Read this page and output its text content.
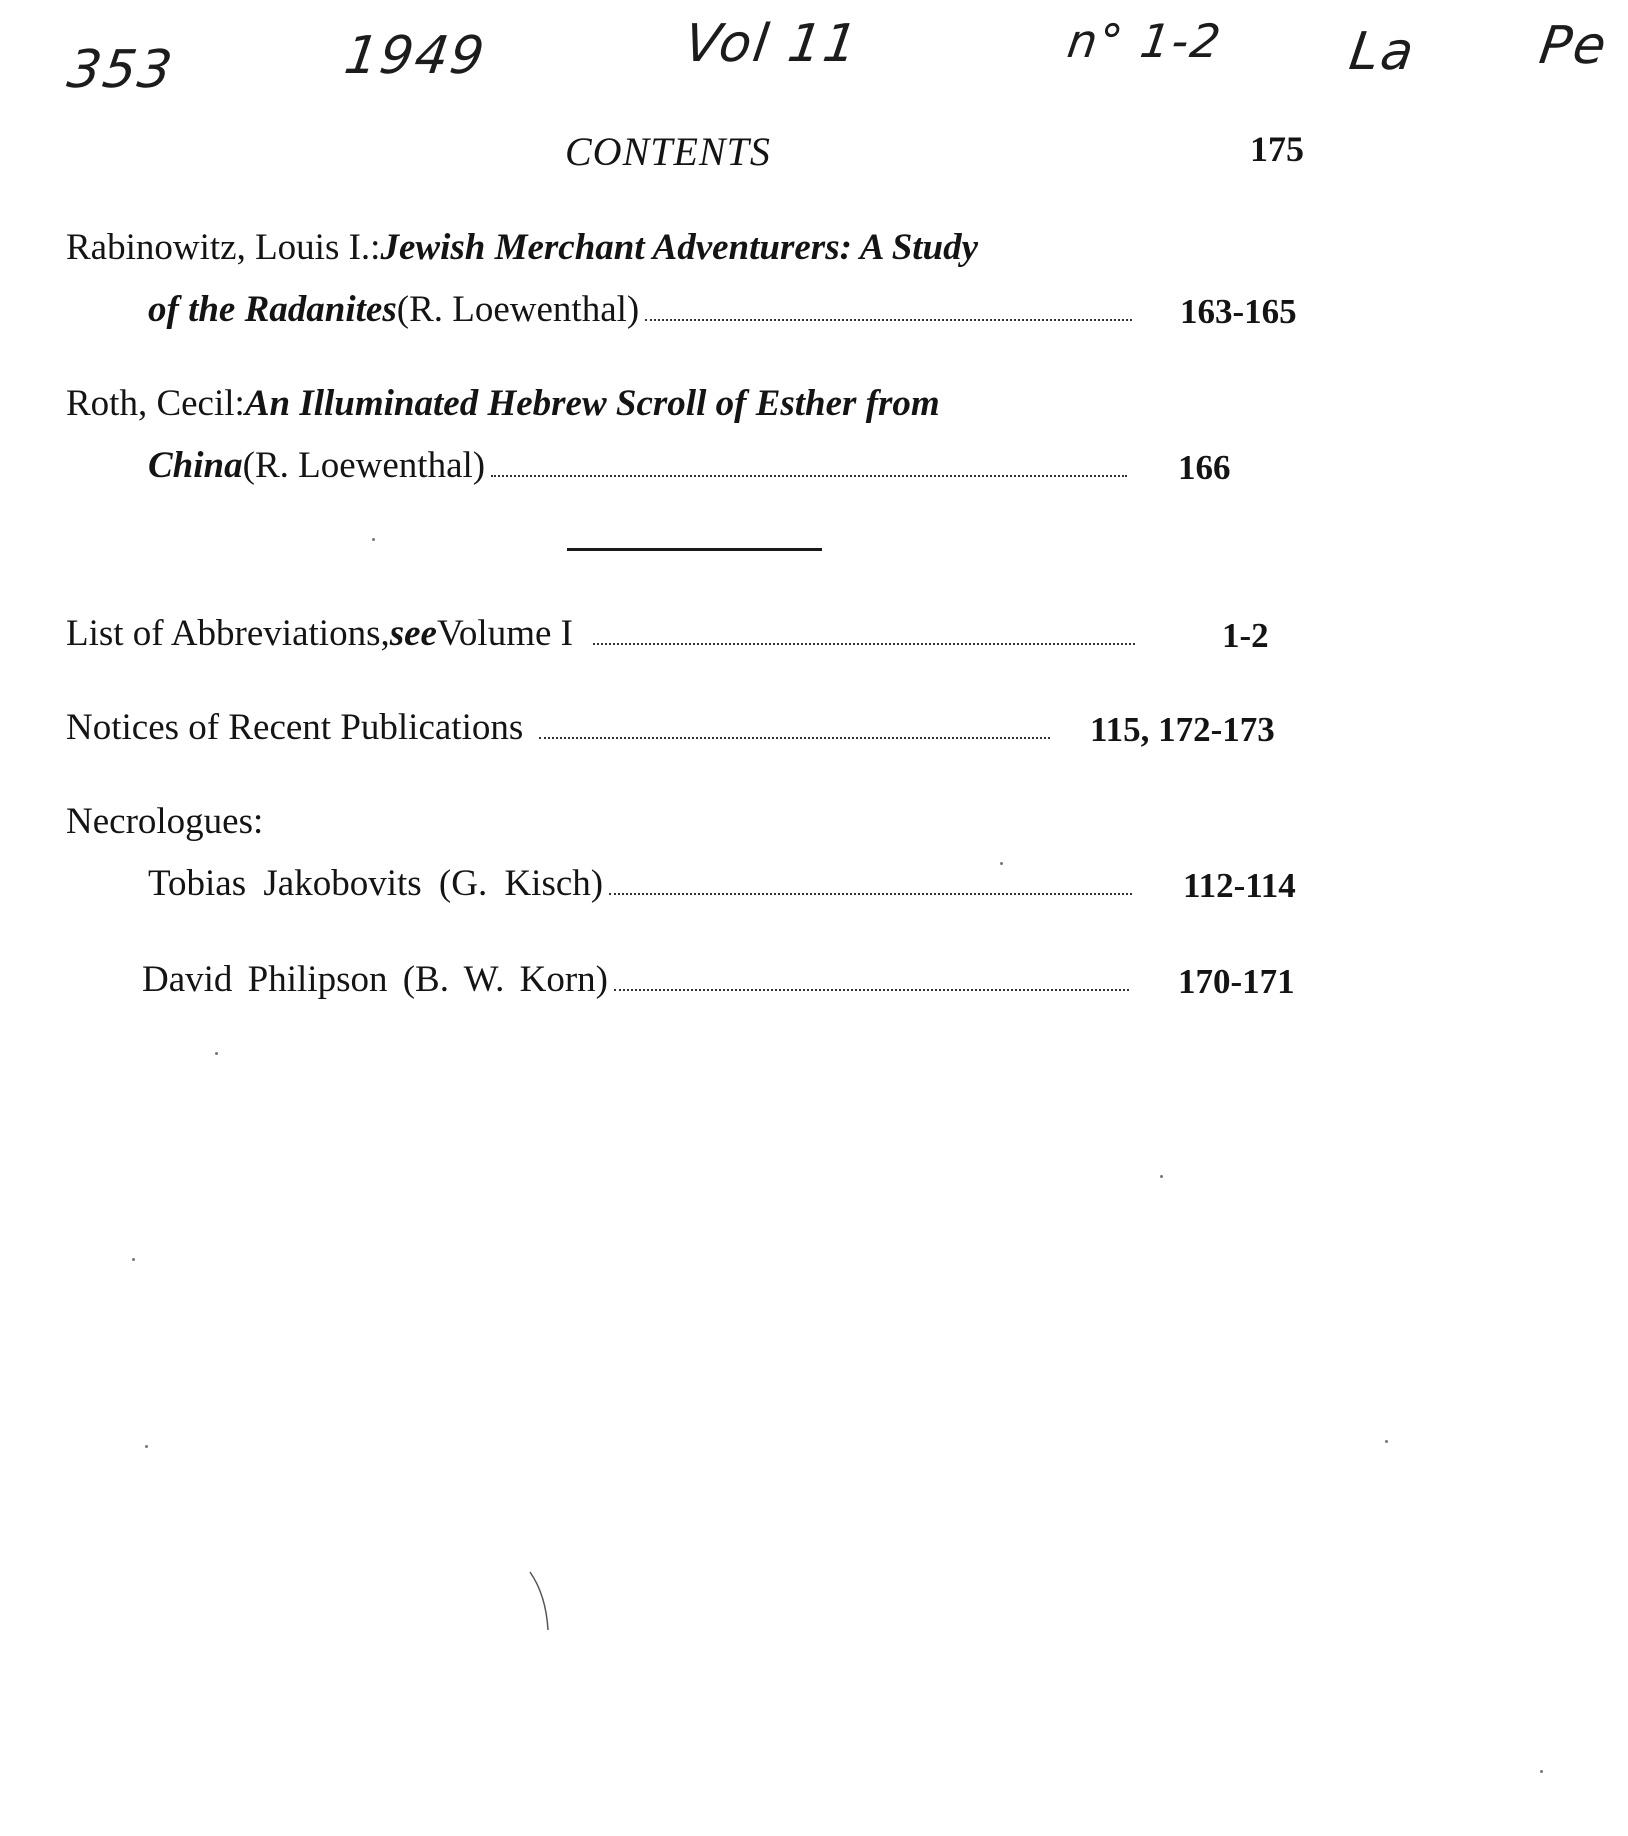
353	1949	Vol 11	n° 1-2 La Pe
CONTENTS	175
Rabinowitz, Louis I.: Jewish Merchant Adventurers: A Study
of the Radanites (R. Loewenthal)	163-165
Roth, Cecil: An Illuminated Hebrew Scroll of Esther from
China (R. Loewenthal)	166
List of Abbreviations, see Volume I	1-2
Notices of Recent Publications	115, 172-173
Necrologues:
Tobias Jakobovits (G. Kisch)	112-114
David Philipson (B. W. Korn)	170-171
